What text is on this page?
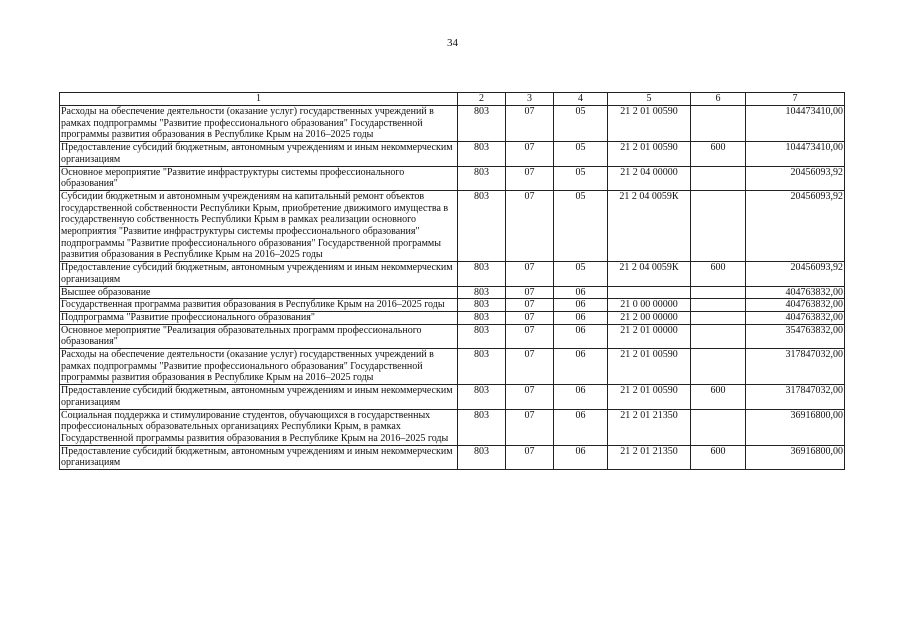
34
1	2	3	4	5	6	7
Расходы на обеспечение деятельности (оказание услуг) государственных учреждений в рамках подпрограммы "Развитие профессионального образования" Государственной программы развития образования в Республике Крым на 2016–2025 годы	803	07	05	21 2 01 00590		104473410,00
Предоставление субсидий бюджетным, автономным учреждениям и иным некоммерческим организациям	803	07	05	21 2 01 00590	600	104473410,00
Основное мероприятие "Развитие инфраструктуры системы профессионального образования"	803	07	05	21 2 04 00000		20456093,92
Субсидии бюджетным и автономным учреждениям на капитальный ремонт объектов государственной собственности Республики Крым, приобретение движимого имущества в государственную собственность Республики Крым в рамках реализации основного мероприятия "Развитие инфраструктуры системы профессионального образования" подпрограммы "Развитие профессионального образования" Государственной программы развития образования в Республике Крым на 2016–2025 годы	803	07	05	21 2 04 0059К		20456093,92
Предоставление субсидий бюджетным, автономным учреждениям и иным некоммерческим организациям	803	07	05	21 2 04 0059К	600	20456093,92
Высшее образование	803	07	06			404763832,00
Государственная программа развития образования в Республике Крым на 2016–2025 годы	803	07	06	21 0 00 00000		404763832,00
Подпрограмма "Развитие профессионального образования"	803	07	06	21 2 00 00000		404763832,00
Основное мероприятие "Реализация образовательных программ профессионального образования"	803	07	06	21 2 01 00000		354763832,00
Расходы на обеспечение деятельности (оказание услуг) государственных учреждений в рамках подпрограммы "Развитие профессионального образования" Государственной программы развития образования в Республике Крым на 2016–2025 годы	803	07	06	21 2 01 00590		317847032,00
Предоставление субсидий бюджетным, автономным учреждениям и иным некоммерческим организациям	803	07	06	21 2 01 00590	600	317847032,00
Социальная поддержка и стимулирование студентов, обучающихся в государственных профессиональных образовательных организациях Республики Крым, в рамках Государственной программы развития образования в Республике Крым на 2016–2025 годы	803	07	06	21 2 01 21350		36916800,00
Предоставление субсидий бюджетным, автономным учреждениям и иным некоммерческим организациям	803	07	06	21 2 01 21350	600	36916800,00
